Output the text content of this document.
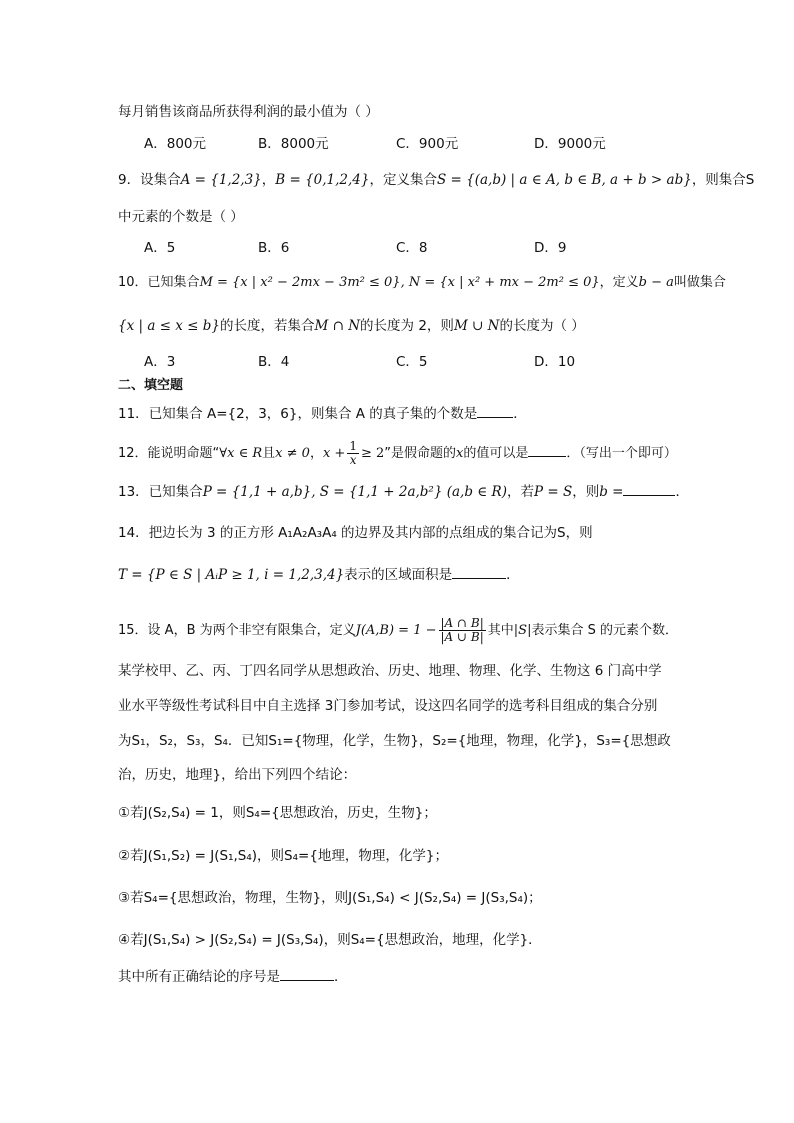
每月销售该商品所获得利润的最小值为（ ）
A．800元	B．8000元	C．900元	D．9000元
9．设集合A = {1,2,3}，B = {0,1,2,4}，定义集合S = {(a,b) | a ∈ A, b ∈ B, a + b > ab}，则集合S
中元素的个数是（ ）
A．5	B．6	C．8	D．9
10．已知集合M = {x | x² − 2mx − 3m² ≤ 0}, N = {x | x² + mx − 2m² ≤ 0}，定义b − a叫做集合
{x | a ≤ x ≤ b}的长度，若集合M ∩ N的长度为 2，则M ∪ N的长度为（ ）
A．3	B．4	C．5	D．10
二、填空题
11．已知集合 A={2，3，6}，则集合 A 的真子集的个数是	．
12．能说明命题“∀x ∈ R且x ≠ 0，$x + \frac{1}{x} \ge 2$”是假命题的x的值可以是	．（写出一个即可）
13．已知集合P = {1,1 + a,b}, S = {1,1 + 2a,b²} (a,b ∈ R)，若P = S，则b =	．
14．把边长为 3 的正方形 A₁A₂A₃A₄ 的边界及其内部的点组成的集合记为S，则
T = {P ∈ S | AᵢP ≥ 1, i = 1,2,3,4}表示的区域面积是	．
15．设 A，B 为两个非空有限集合，定义$J(A,B) = 1 - \frac{|A \cap B|}{|A \cup B|}$ 其中|S|表示集合 S 的元素个数．
某学校甲、乙、丙、丁四名同学从思想政治、历史、地理、物理、化学、生物这 6 门高中学
业水平等级性考试科目中自主选择 3门参加考试，设这四名同学的选考科目组成的集合分别
为S₁，S₂，S₃，S₄．已知S₁={物理，化学，生物}，S₂={地理，物理，化学}，S₃={思想政
治，历史，地理}，给出下列四个结论：
①若J(S₂,S₄) = 1，则S₄={思想政治，历史，生物}；
②若J(S₁,S₂) = J(S₁,S₄)，则S₄={地理，物理，化学}；
③若S₄={思想政治，物理，生物}，则J(S₁,S₄) < J(S₂,S₄) = J(S₃,S₄)；
④若J(S₁,S₄) > J(S₂,S₄) = J(S₃,S₄)，则S₄={思想政治，地理，化学}．
其中所有正确结论的序号是	．
